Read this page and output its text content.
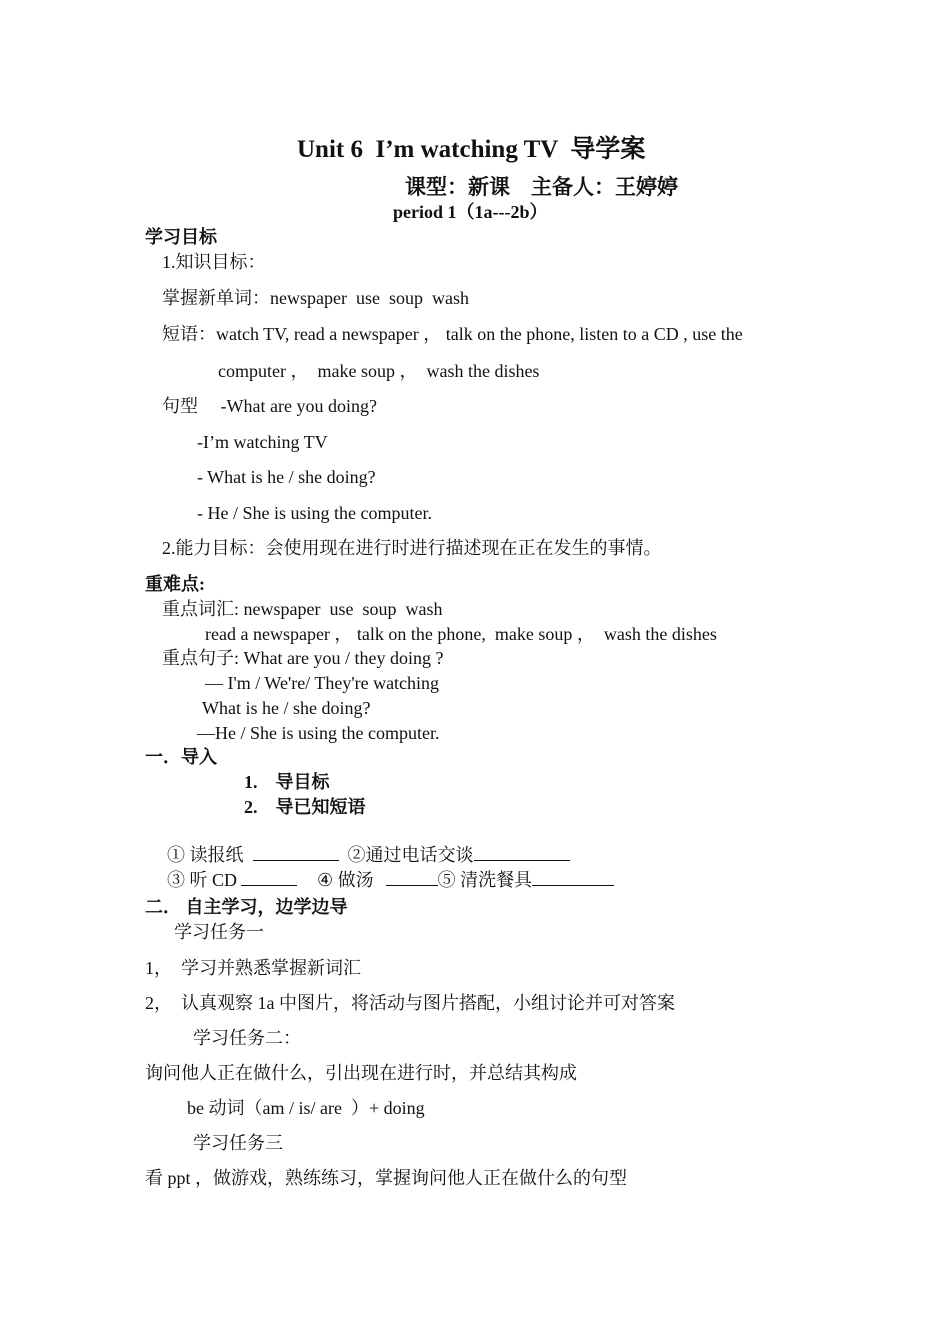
Unit 6  I’m watching TV  导学案
课型：新课    主备人：王婷婷
period 1（1a---2b）
学习目标
1.知识目标：
掌握新单词：newspaper  use  soup  wash
短语：watch TV, read a newspaper ， talk on the phone, listen to a CD , use the
computer ，  make soup ，  wash the dishes
句型     -What are you doing?
-I’m watching TV
- What is he / she doing?
- He / She is using the computer.
2.能力目标：会使用现在进行时进行描述现在正在发生的事情。
重难点:
重点词汇: newspaper  use  soup  wash
read a newspaper ， talk on the phone,  make soup ，  wash the dishes
重点句子: What are you / they doing ?
— I'm / We're/ They're watching
What is he / she doing?
—He / She is using the computer.
一．导入
1.    导目标
2.    导已知短语

① 读报纸	②通过电话交谈

③ 听 CD	④ 做汤	⑤ 清洗餐具

二． 自主学习，边学边导
学习任务一
1，  学习并熟悉掌握新词汇
2，  认真观察 1a 中图片，将活动与图片搭配，小组讨论并可对答案
学习任务二：
询问他人正在做什么，引出现在进行时，并总结其构成
be 动词（am / is/ are  ）+ doing
学习任务三
看 ppt ，做游戏，熟练练习，掌握询问他人正在做什么的句型
